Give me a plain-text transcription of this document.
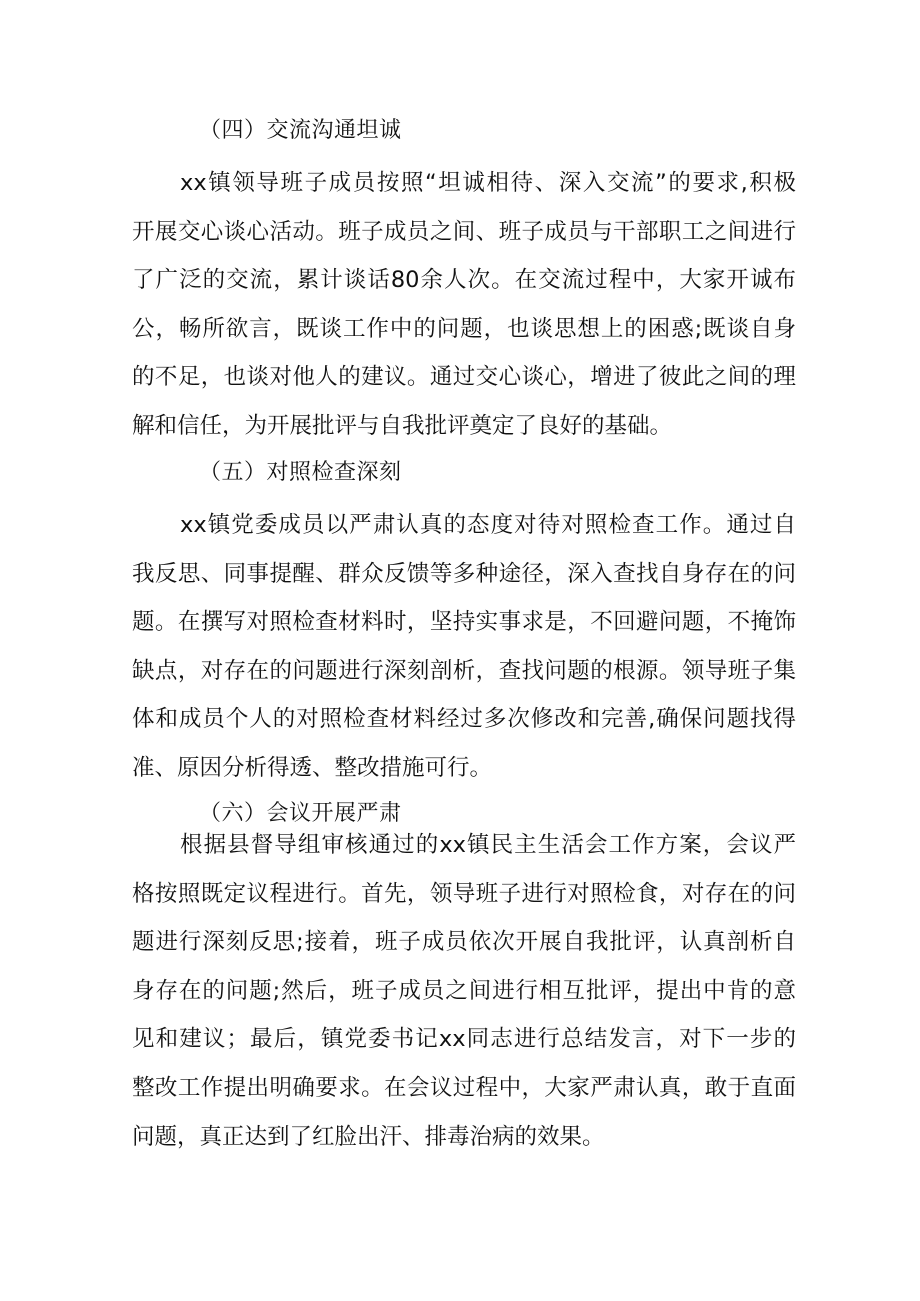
（四）交流沟通坦诚
xx镇领导班子成员按照“坦诚相待、深入交流”的要求,积极
开展交心谈心活动。班子成员之间、班子成员与干部职工之间进行
了广泛的交流，累计谈话80余人次。在交流过程中，大家开诚布
公，畅所欲言，既谈工作中的问题，也谈思想上的困惑;既谈自身
的不足，也谈对他人的建议。通过交心谈心，增进了彼此之间的理
解和信任，为开展批评与自我批评奠定了良好的基础。
（五）对照检查深刻
xx镇党委成员以严肃认真的态度对待对照检查工作。通过自
我反思、同事提醒、群众反馈等多种途径，深入查找自身存在的问
题。在撰写对照检查材料时，坚持实事求是，不回避问题，不掩饰
缺点，对存在的问题进行深刻剖析，查找问题的根源。领导班子集
体和成员个人的对照检查材料经过多次修改和完善,确保问题找得
准、原因分析得透、整改措施可行。
（六）会议开展严肃
根据县督导组审核通过的xx镇民主生活会工作方案，会议严
格按照既定议程进行。首先，领导班子进行对照检食，对存在的问
题进行深刻反思;接着，班子成员依次开展自我批评，认真剖析自
身存在的问题;然后，班子成员之间进行相互批评，提出中肯的意
见和建议；最后，镇党委书记xx同志进行总结发言，对下一步的
整改工作提出明确要求。在会议过程中，大家严肃认真，敢于直面
问题，真正达到了红脸出汗、排毒治病的效果。
